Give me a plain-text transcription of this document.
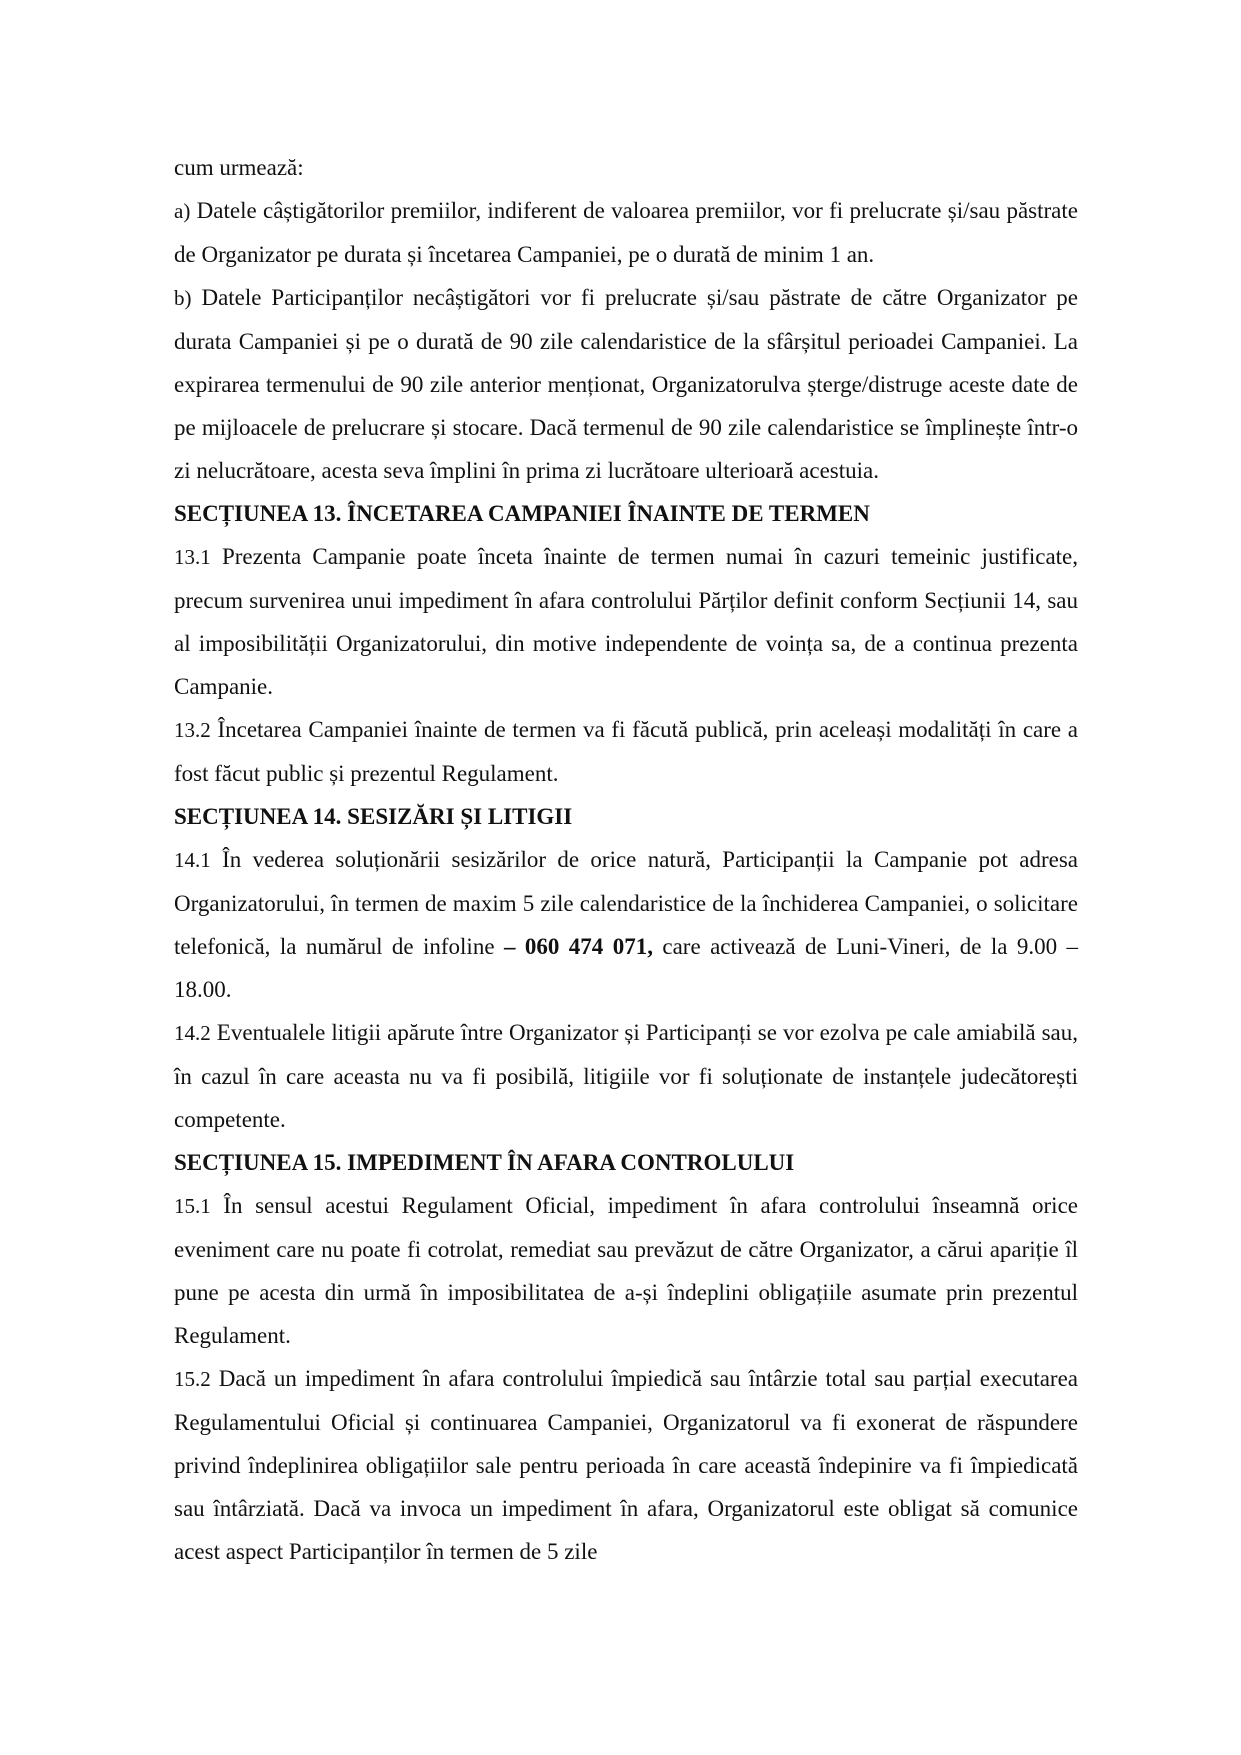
cum urmează:

a) Datele câștigătorilor premiilor, indiferent de valoarea premiilor, vor fi prelucrate și/sau păstrate de Organizator pe durata și încetarea Campaniei, pe o durată de minim 1 an.

b) Datele Participanților necâștigători vor fi prelucrate și/sau păstrate de către Organizator pe durata Campaniei și pe o durată de 90 zile calendaristice de la sfârșitul perioadei Campaniei. La expirarea termenului de 90 zile anterior menționat, Organizatorulva șterge/distruge aceste date de pe mijloacele de prelucrare și stocare. Dacă termenul de 90 zile calendaristice se împlinește într-o zi nelucrătoare, acesta seva împlini în prima zi lucrătoare ulterioară acestuia.

SECȚIUNEA 13. ÎNCETAREA CAMPANIEI ÎNAINTE DE TERMEN

13.1 Prezenta Campanie poate înceta înainte de termen numai în cazuri temeinic justificate, precum survenirea unui impediment în afara controlului Părților definit conform Secțiunii 14, sau al imposibilității Organizatorului, din motive independente de voința sa, de a continua prezenta Campanie.

13.2 Încetarea Campaniei înainte de termen va fi făcută publică, prin aceleași modalități în care a fost făcut public și prezentul Regulament.

SECȚIUNEA 14. SESIZĂRI ȘI LITIGII

14.1 În vederea soluționării sesizărilor de orice natură, Participanții la Campanie pot adresa Organizatorului, în termen de maxim 5 zile calendaristice de la închiderea Campaniei, o solicitare telefonică, la numărul de infoline – 060 474 071, care activează de Luni-Vineri, de la 9.00 – 18.00.

14.2 Eventualele litigii apărute între Organizator și Participanți se vor ezolva pe cale amiabilă sau, în cazul în care aceasta nu va fi posibilă, litigiile vor fi soluționate de instanțele judecătorești competente.

SECȚIUNEA 15. IMPEDIMENT ÎN AFARA CONTROLULUI

15.1 În sensul acestui Regulament Oficial, impediment în afara controlului înseamnă orice eveniment care nu poate fi cotrolat, remediat sau prevăzut de către Organizator, a cărui apariție îl pune pe acesta din urmă în imposibilitatea de a-și îndeplini obligațiile asumate prin prezentul Regulament.

15.2 Dacă un impediment în afara controlului împiedică sau întârzie total sau parțial executarea Regulamentului Oficial și continuarea Campaniei, Organizatorul va fi exonerat de răspundere privind îndeplinirea obligațiilor sale pentru perioada în care această îndepinire va fi împiedicată sau întârziată. Dacă va invoca un impediment în afara, Organizatorul este obligat să comunice acest aspect Participanților în termen de 5 zile
